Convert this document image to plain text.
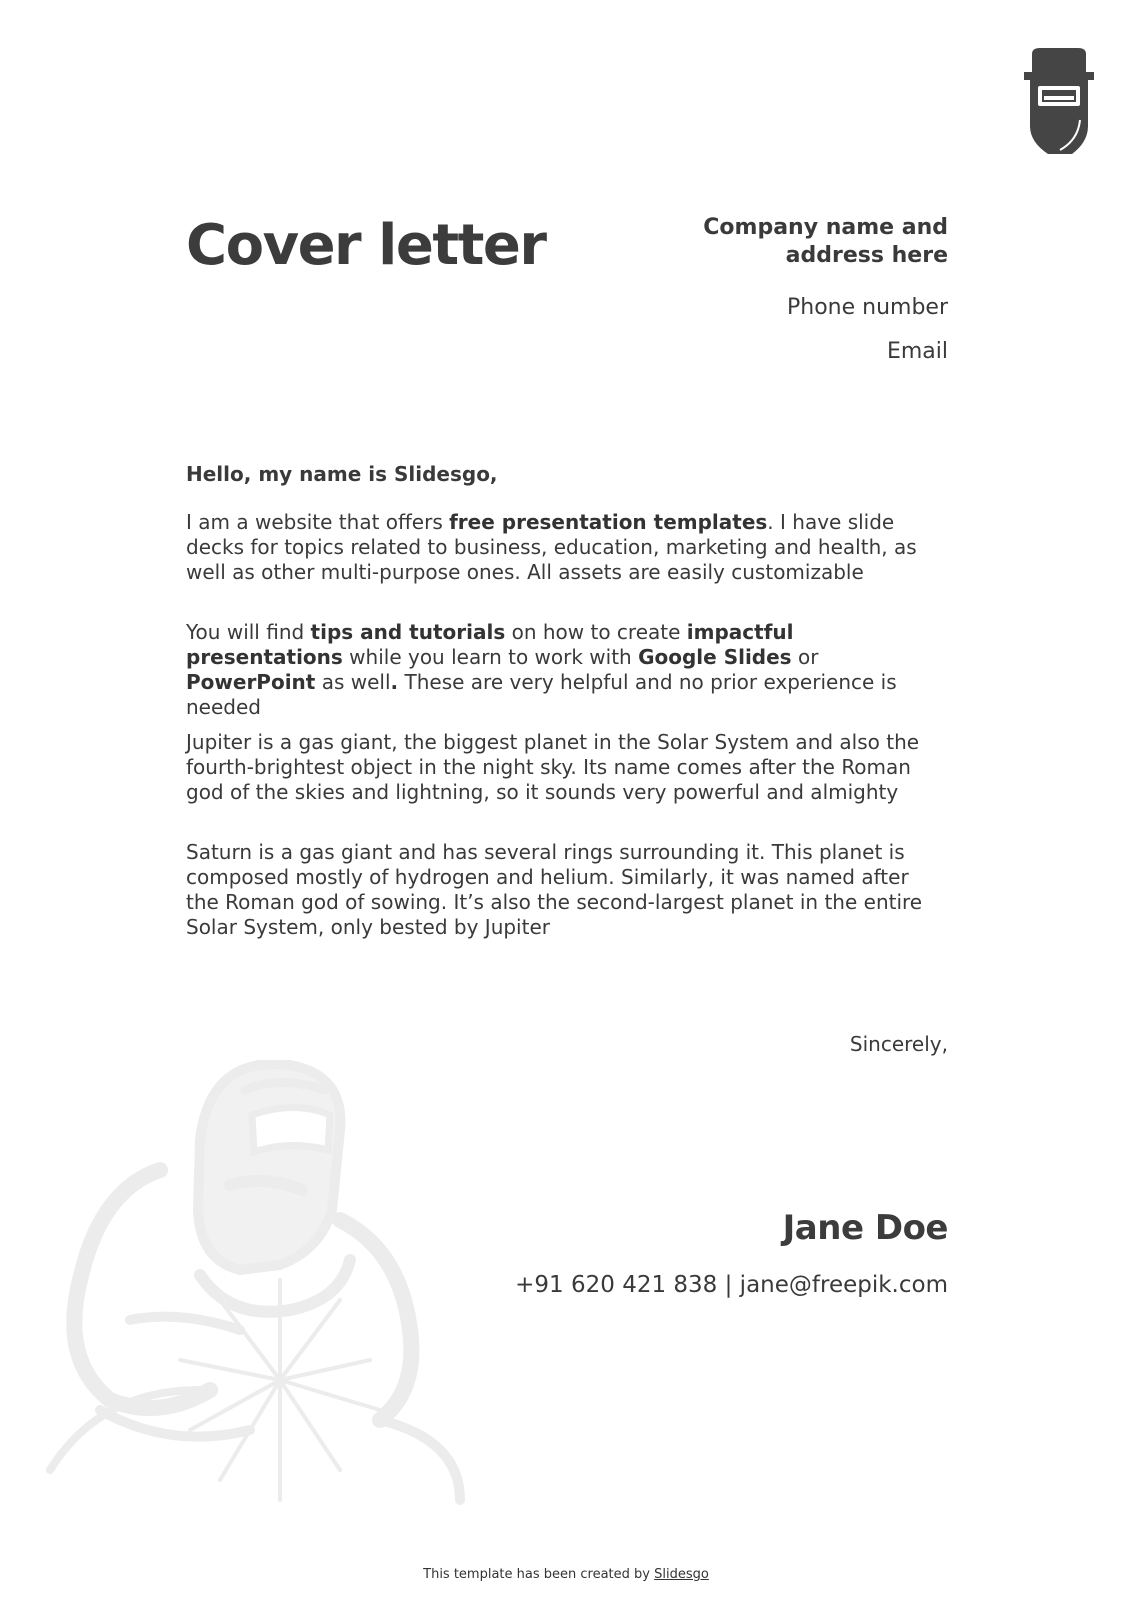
Cover letter	Company name and
address here
Phone number
Email
Hello, my name is Slidesgo,
I am a website that offers free presentation templates. I have slide decks for topics related to business, education, marketing and health, as well as other multi-purpose ones. All assets are easily customizable
You will find tips and tutorials on how to create impactful presentations while you learn to work with Google Slides or PowerPoint as well. These are very helpful and no prior experience is needed
Jupiter is a gas giant, the biggest planet in the Solar System and also the fourth-brightest object in the night sky. Its name comes after the Roman god of the skies and lightning, so it sounds very powerful and almighty
Saturn is a gas giant and has several rings surrounding it. This planet is composed mostly of hydrogen and helium. Similarly, it was named after the Roman god of sowing. It’s also the second-largest planet in the entire Solar System, only bested by Jupiter
Sincerely,
Jane Doe
+91 620 421 838 | jane@freepik.com
This template has been created by Slidesgo
